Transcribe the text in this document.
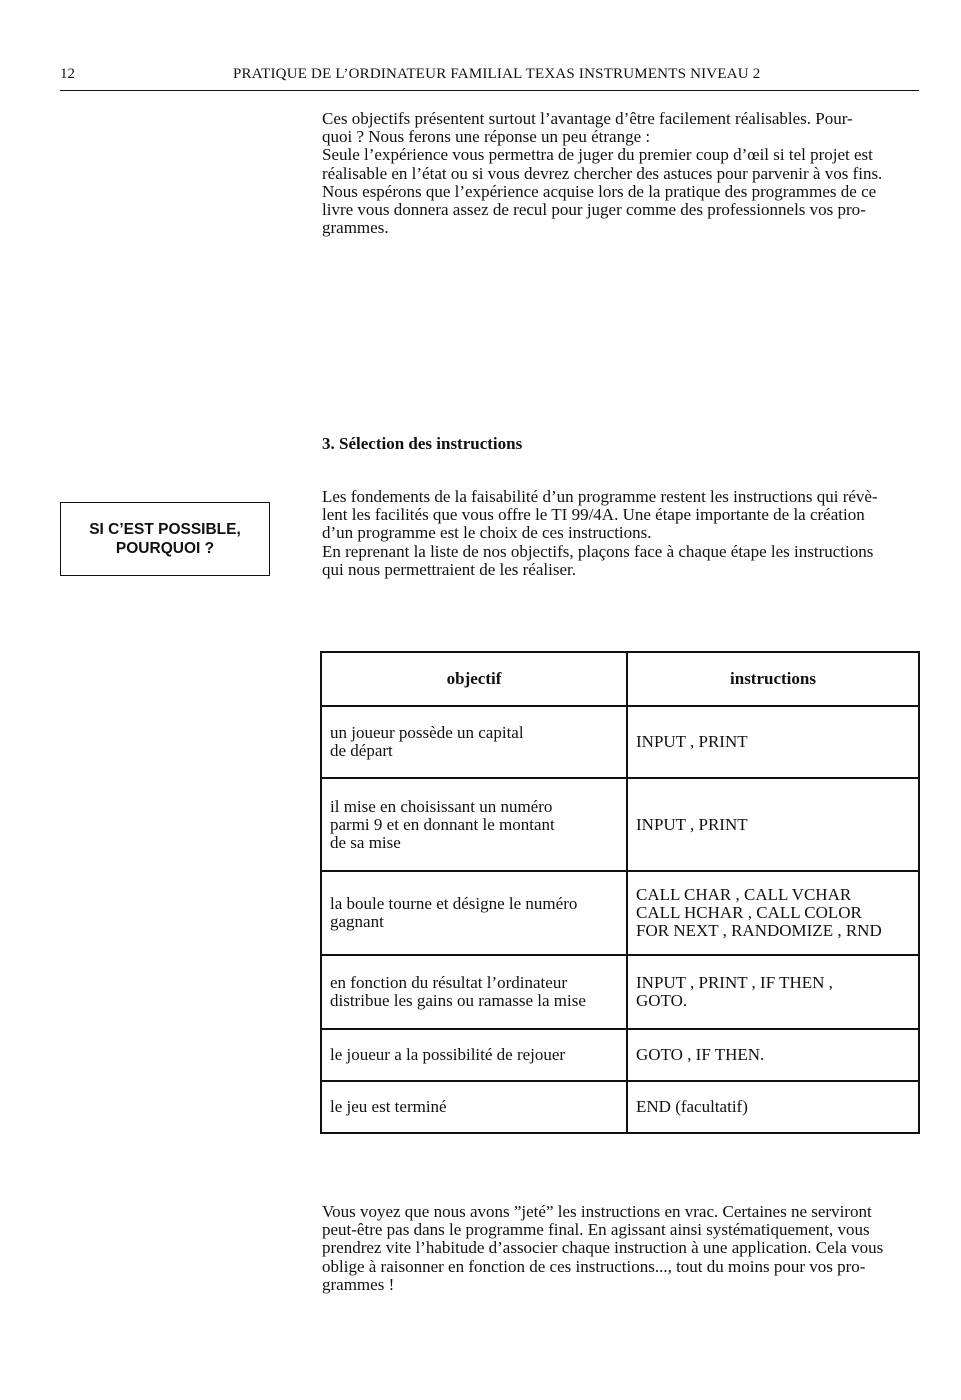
12	PRATIQUE DE L’ORDINATEUR FAMILIAL TEXAS INSTRUMENTS NIVEAU 2

Ces objectifs présentent surtout l’avantage d’être facilement réalisables. Pour-
quoi ? Nous ferons une réponse un peu étrange :
Seule l’expérience vous permettra de juger du premier coup d’œil si tel projet est
réalisable en l’état ou si vous devrez chercher des astuces pour parvenir à vos fins.
Nous espérons que l’expérience acquise lors de la pratique des programmes de ce
livre vous donnera assez de recul pour juger comme des professionnels vos pro-
grammes.

3. Sélection des instructions
SI C’EST POSSIBLE,
POURQUOI ?

Les fondements de la faisabilité d’un programme restent les instructions qui révè-
lent les facilités que vous offre le TI 99/4A. Une étape importante de la création
d’un programme est le choix de ces instructions.
En reprenant la liste de nos objectifs, plaçons face à chaque étape les instructions
qui nous permettraient de les réaliser.

objectif	instructions

un joueur possède un capital
de départ	INPUT , PRINT

il mise en choisissant un numéro
parmi 9 et en donnant le montant
de sa mise	INPUT , PRINT

la boule tourne et désigne le numéro
gagnant	CALL CHAR , CALL VCHAR
CALL HCHAR , CALL COLOR
FOR NEXT , RANDOMIZE , RND

en fonction du résultat l’ordinateur
distribue les gains ou ramasse la mise	INPUT , PRINT , IF THEN ,
GOTO.

le joueur a la possibilité de rejouer	GOTO , IF THEN.

le jeu est terminé	END (facultatif)

Vous voyez que nous avons ”jeté” les instructions en vrac. Certaines ne serviront
peut-être pas dans le programme final. En agissant ainsi systématiquement, vous
prendrez vite l’habitude d’associer chaque instruction à une application. Cela vous
oblige à raisonner en fonction de ces instructions..., tout du moins pour vos pro-
grammes !
